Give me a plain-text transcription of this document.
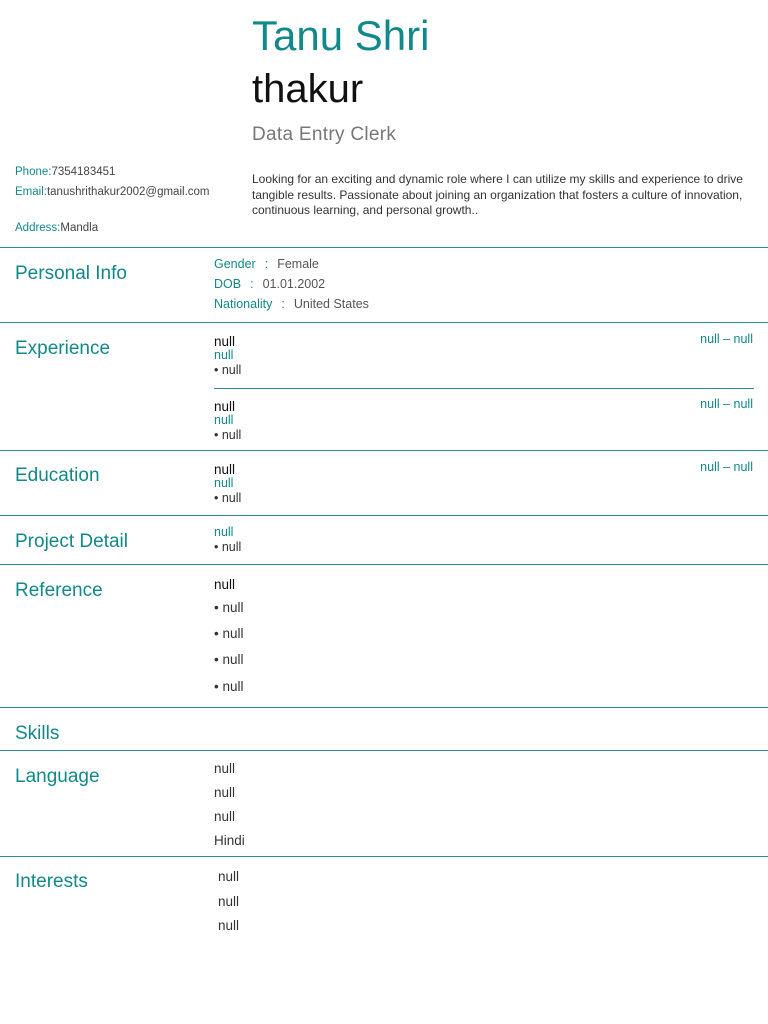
Tanu Shri
thakur
Data Entry Clerk
Phone:7354183451
Email:tanushrithakur2002@gmail.com
Address:Mandla
Looking for an exciting and dynamic role where I can utilize my skills and experience to drive tangible results. Passionate about joining an organization that fosters a culture of innovation, continuous learning, and personal growth..
Personal Info	Gender : Female
DOB : 01.01.2002
Nationality : United States
Experience	null
null
• null
null – null
null
null
• null
null – null
Education	null
null
• null
null – null
Project Detail	null
• null
Reference	null
• null
• null
• null
• null
Skills
Language	null
null
null
Hindi
Interests	null
null
null
